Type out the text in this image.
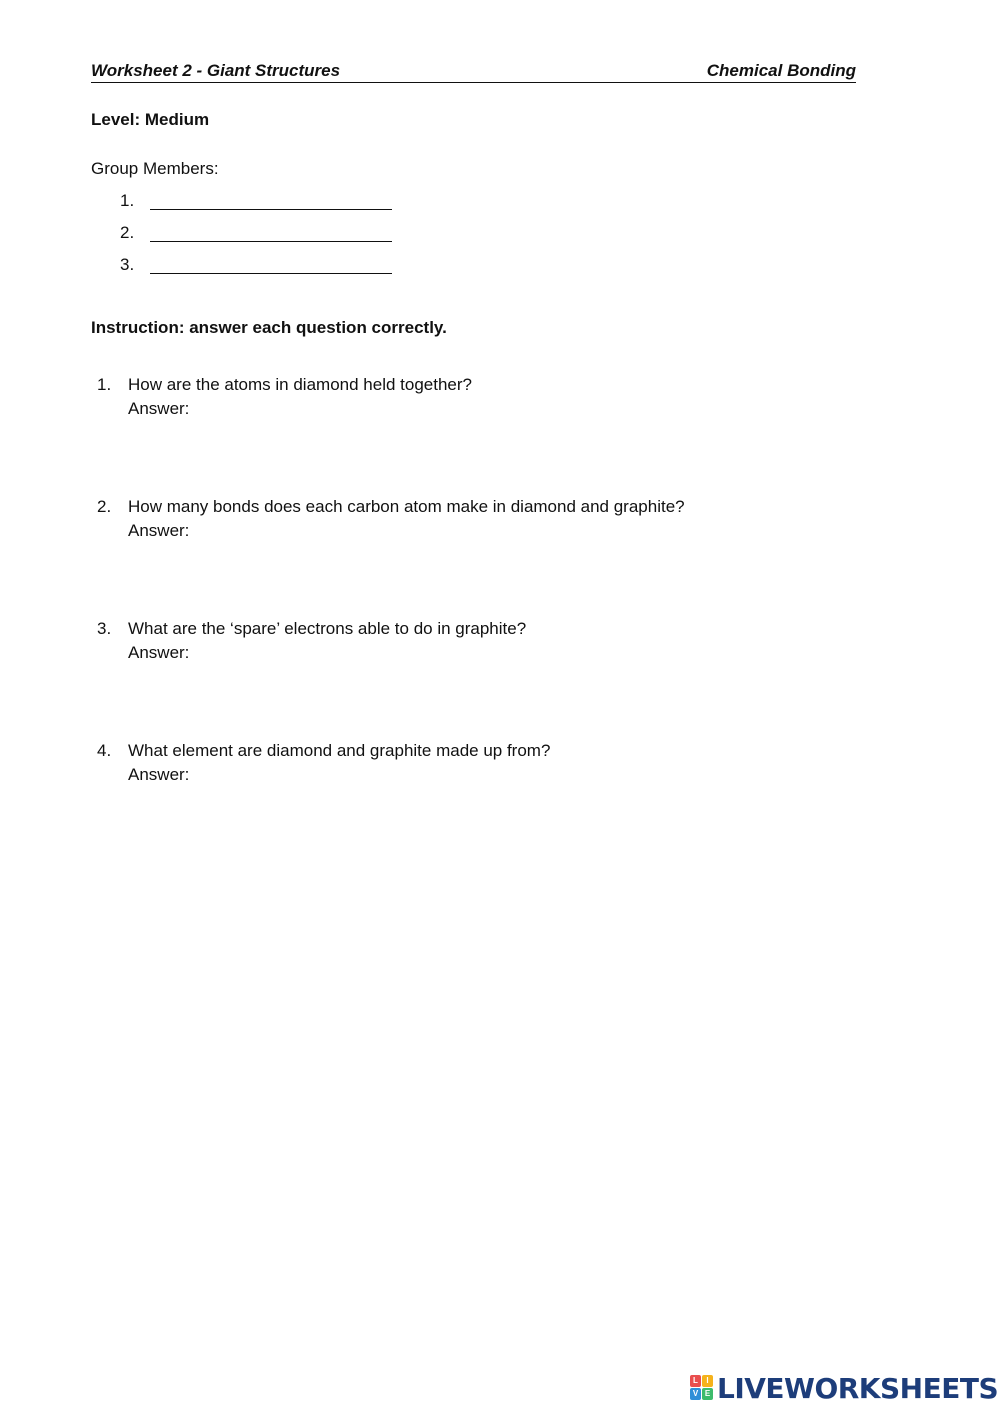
Worksheet 2 - Giant Structures	Chemical Bonding
Level: Medium
Group Members:
1.
2.
3.
Instruction: answer each question correctly.
1. How are the atoms in diamond held together?
Answer:
2. How many bonds does each carbon atom make in diamond and graphite?
Answer:
3. What are the ‘spare’ electrons able to do in graphite?
Answer:
4. What element are diamond and graphite made up from?
Answer:
L	I
V E LIVEWORKSHEETS
